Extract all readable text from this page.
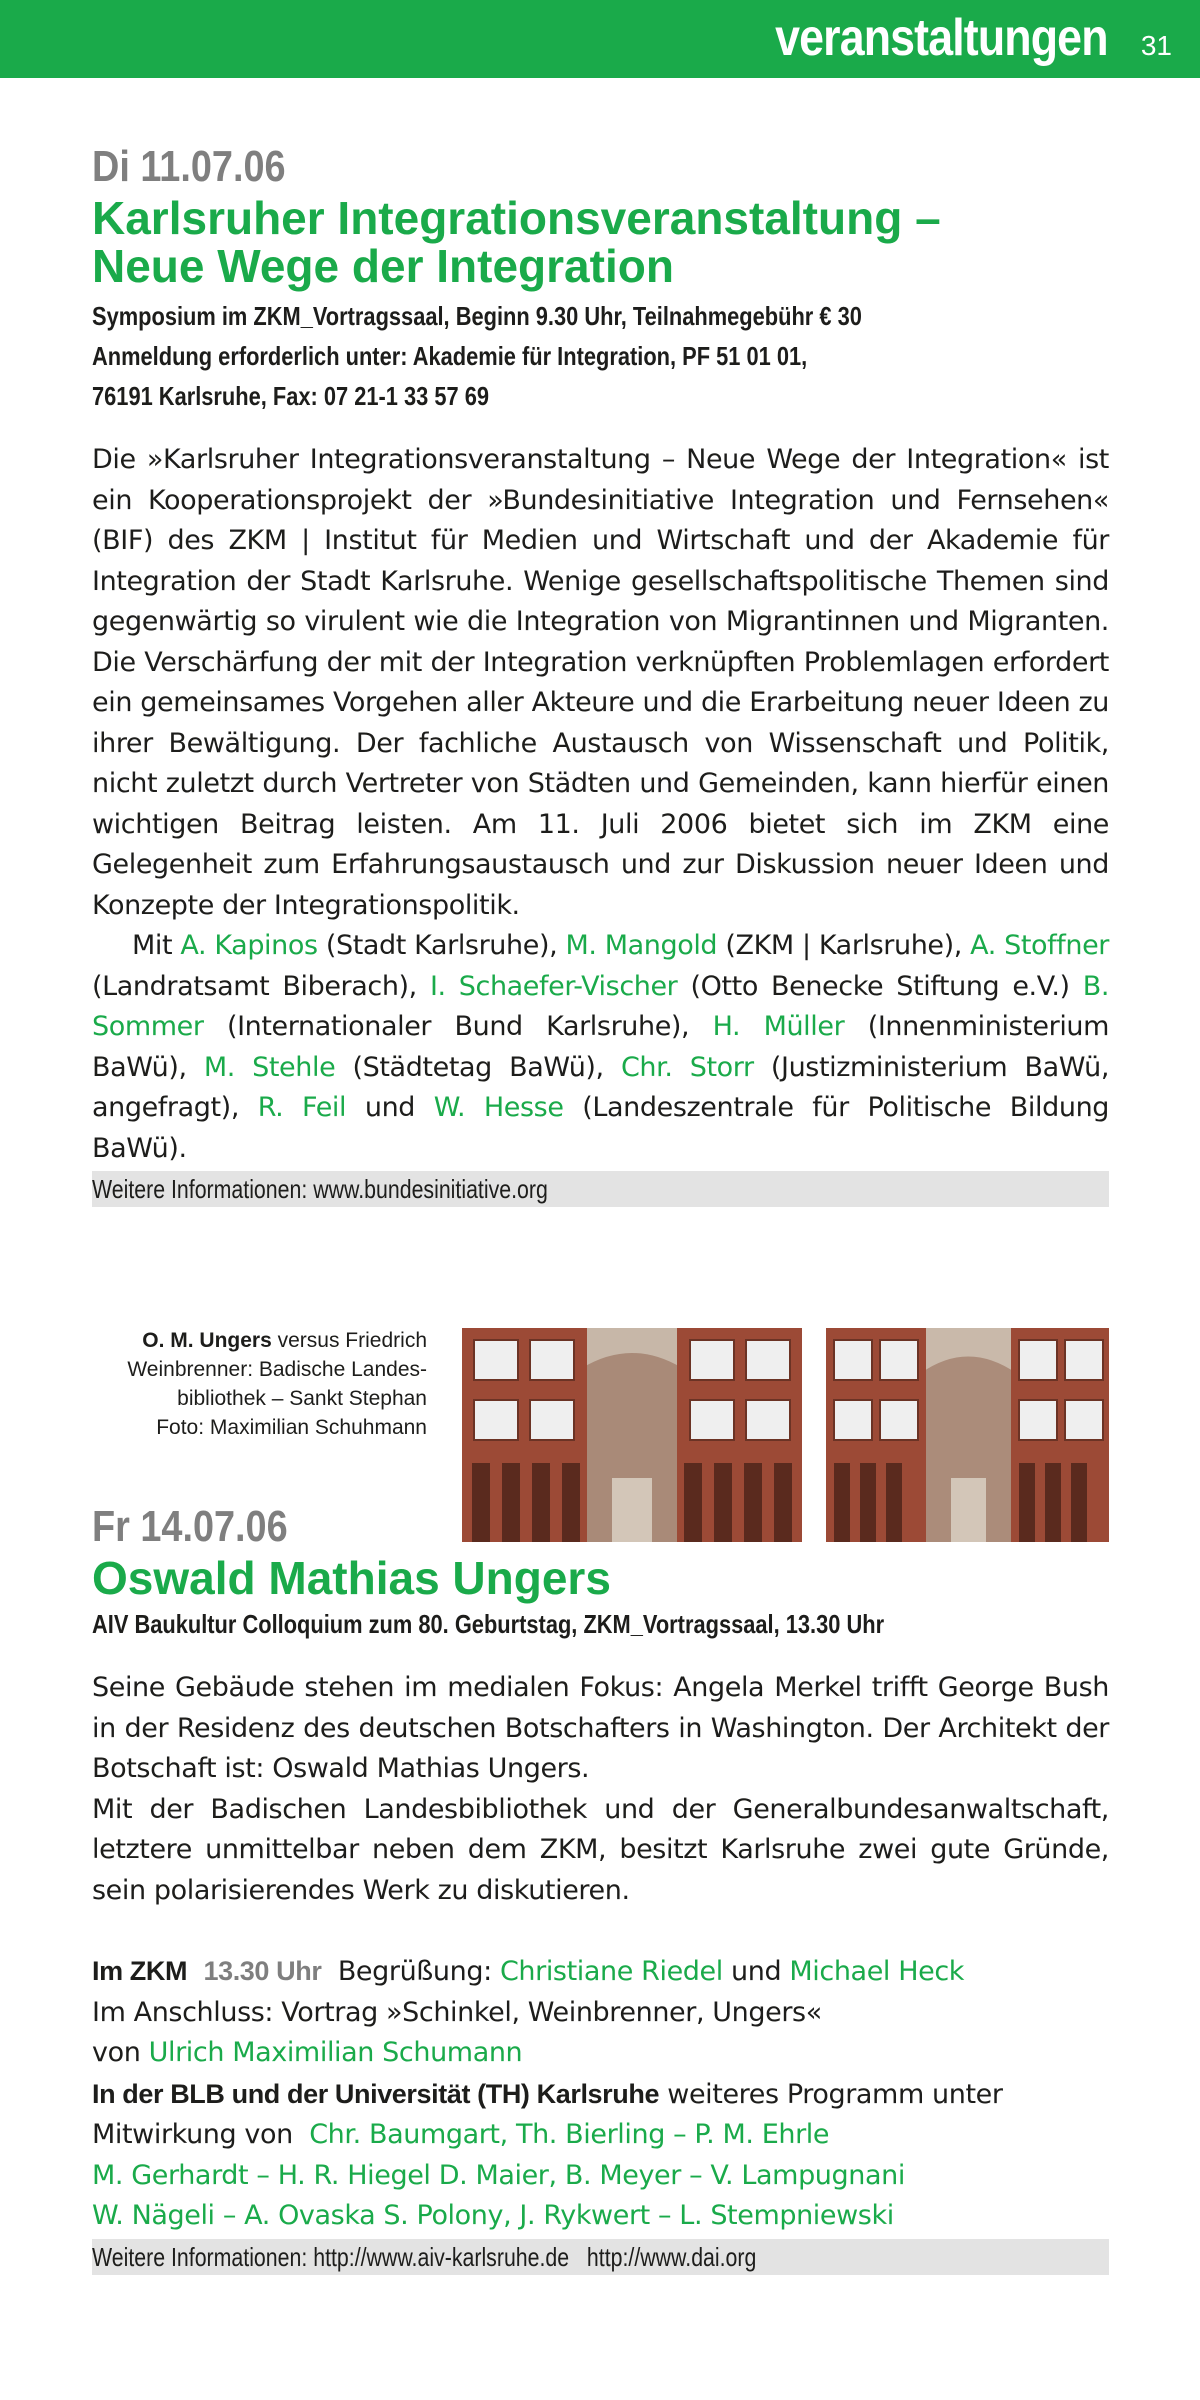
veranstaltungen 31
Di 11.07.06
Karlsruher Integrationsveranstaltung –
Neue Wege der Integration
Symposium im ZKM_Vortragssaal, Beginn 9.30 Uhr, Teilnahmegebühr € 30
Anmeldung erforderlich unter: Akademie für Integration, PF 51 01 01,
76191 Karlsruhe, Fax: 07 21-1 33 57 69
Die »Karlsruher Integrationsveranstaltung – Neue Wege der Integration« ist ein Kooperationsprojekt der »Bundesinitiative Integration und Fernsehen« (BIF) des ZKM | Institut für Medien und Wirtschaft und der Akademie für Integration der Stadt Karlsruhe. Wenige gesellschaftspolitische Themen sind gegenwärtig so virulent wie die Integration von Migrantinnen und Migranten. Die Verschärfung der mit der Integration verknüpften Problemlagen erfordert ein gemeinsames Vorgehen aller Akteure und die Erarbeitung neuer Ideen zu ihrer Bewältigung. Der fachliche Austausch von Wissenschaft und Politik, nicht zuletzt durch Vertreter von Städten und Gemeinden, kann hierfür einen wichtigen Beitrag leisten. Am 11. Juli 2006 bietet sich im ZKM eine Gelegenheit zum Erfahrungsaustausch und zur Diskussion neuer Ideen und Konzepte der Integrationspolitik.
Mit A. Kapinos (Stadt Karlsruhe), M. Mangold (ZKM | Karlsruhe), A. Stoffner (Landratsamt Biberach), I. Schaefer-Vischer (Otto Benecke Stiftung e.V.) B. Sommer (Internationaler Bund Karlsruhe), H. Müller (Innenministerium BaWü), M. Stehle (Städtetag BaWü), Chr. Storr (Justizministerium BaWü, angefragt), R. Feil und W. Hesse (Landeszentrale für Politische Bildung BaWü).
Weitere Informationen: www.bundesinitiative.org
O. M. Ungers versus Friedrich
Weinbrenner: Badische Landes-
bibliothek – Sankt Stephan
Foto: Maximilian Schuhmann
Fr 14.07.06
Oswald Mathias Ungers
AIV Baukultur Colloquium zum 80. Geburtstag, ZKM_Vortragssaal, 13.30 Uhr
Seine Gebäude stehen im medialen Fokus: Angela Merkel trifft George Bush in der Residenz des deutschen Botschafters in Washington. Der Architekt der Botschaft ist: Oswald Mathias Ungers.
Mit der Badischen Landesbibliothek und der Generalbundesanwaltschaft, letztere unmittelbar neben dem ZKM, besitzt Karlsruhe zwei gute Gründe, sein polarisierendes Werk zu diskutieren.
Im ZKM 13.30 Uhr Begrüßung: Christiane Riedel und Michael Heck
Im Anschluss: Vortrag »Schinkel, Weinbrenner, Ungers«
von Ulrich Maximilian Schumann
In der BLB und der Universität (TH) Karlsruhe weiteres Programm unter
Mitwirkung von Chr. Baumgart, Th. Bierling – P. M. Ehrle
M. Gerhardt – H. R. Hiegel D. Maier, B. Meyer – V. Lampugnani
W. Nägeli – A. Ovaska S. Polony, J. Rykwert – L. Stempniewski
Weitere Informationen: http://www.aiv-karlsruhe.de   http://www.dai.org
